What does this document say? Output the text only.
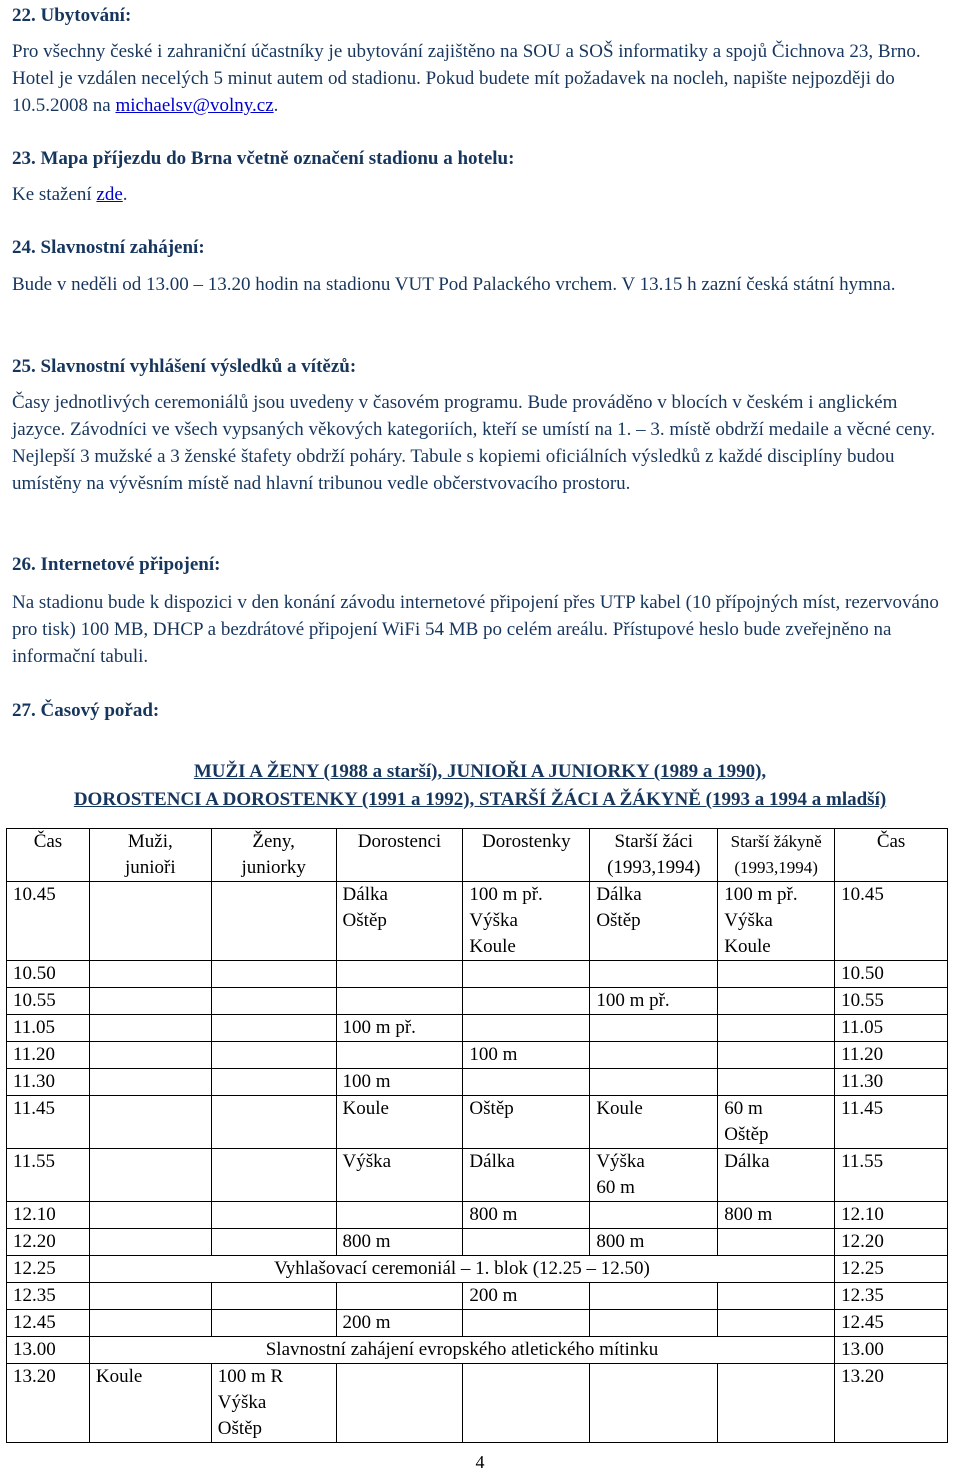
22. Ubytování:

Pro všechny české i zahraniční účastníky je ubytování zajištěno na SOU a SOŠ informatiky a spojů Čichnova 23, Brno. Hotel je vzdálen necelých 5 minut autem od stadionu. Pokud budete mít požadavek na nocleh, napište nejpozději do 10.5.2008 na michaelsv@volny.cz.

23. Mapa příjezdu do Brna včetně označení stadionu a hotelu:

Ke stažení zde.

24. Slavnostní zahájení:

Bude v neděli od 13.00 – 13.20 hodin na stadionu VUT Pod Palackého vrchem. V 13.15 h zazní česká státní hymna.

25. Slavnostní vyhlášení výsledků a vítězů:

Časy jednotlivých ceremoniálů jsou uvedeny v časovém programu. Bude prováděno v blocích v českém i anglickém jazyce. Závodníci ve všech vypsaných věkových kategoriích, kteří se umístí na 1. – 3. místě obdrží medaile a věcné ceny. Nejlepší 3 mužské a 3 ženské štafety obdrží poháry. Tabule s kopiemi oficiálních výsledků z každé disciplíny budou umístěny na vývěsním místě nad hlavní tribunou vedle občerstvovacího prostoru.

26. Internetové připojení:

Na stadionu bude k dispozici v den konání závodu internetové připojení přes UTP kabel (10 přípojných míst, rezervováno pro tisk) 100 MB, DHCP a bezdrátové připojení WiFi 54 MB po celém areálu. Přístupové heslo bude zveřejněno na informační tabuli.

27. Časový pořad:

MUŽI A ŽENY (1988 a starší), JUNIOŘI A JUNIORKY (1989 a 1990),
DOROSTENCI A DOROSTENKY (1991 a 1992), STARŠÍ ŽÁCI A ŽÁKYNĚ (1993 a 1994 a mladší)
Čas	Muži,
junioři	Ženy,
juniorky	Dorostenci	Dorostenky	Starší žáci
(1993,1994)	Starší žákyně
(1993,1994)	Čas
10.45			Dálka
Oštěp	100 m př.
Výška
Koule	Dálka
Oštěp	100 m př.
Výška
Koule	10.45
10.50							10.50
10.55					100 m př.		10.55
11.05			100 m př.				11.05
11.20				100 m			11.20
11.30			100 m				11.30
11.45			Koule	Oštěp	Koule	60 m
Oštěp	11.45
11.55			Výška	Dálka	Výška
60 m	Dálka	11.55
12.10				800 m		800 m	12.10
12.20			800 m		800 m		12.20
12.25	Vyhlašovací ceremoniál – 1. blok (12.25 – 12.50)						12.25
12.35				200 m			12.35
12.45			200 m				12.45
13.00	Slavnostní zahájení evropského atletického mítinku						13.00
13.20	Koule	100 m R
Výška
Oštěp					13.20
4
